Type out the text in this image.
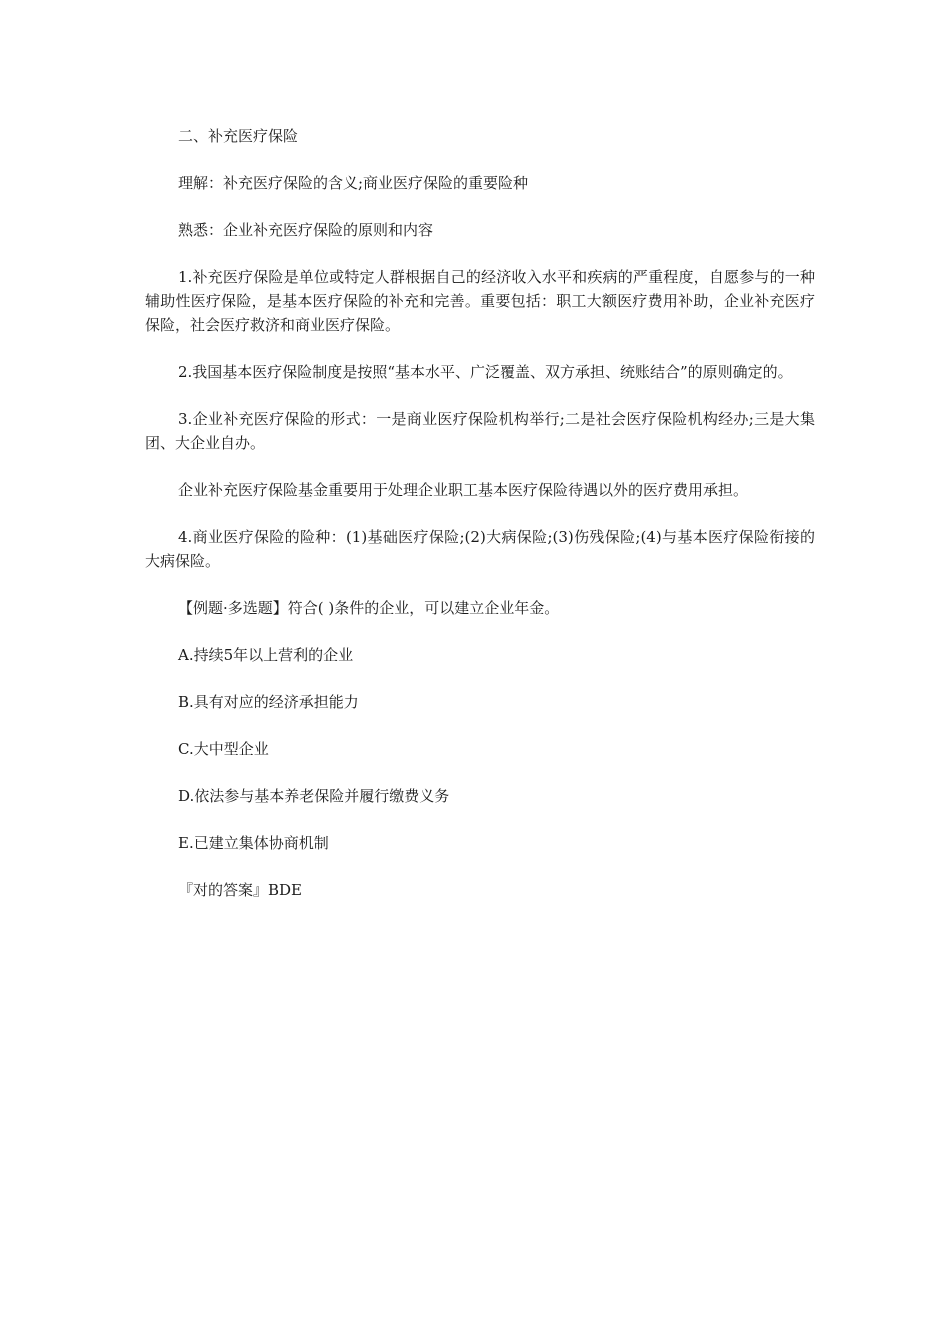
二、补充医疗保险

理解：补充医疗保险的含义;商业医疗保险的重要险种

熟悉：企业补充医疗保险的原则和内容

1.补充医疗保险是单位或特定人群根据自己的经济收入水平和疾病的严重程度，自愿参与的一种辅助性医疗保险，是基本医疗保险的补充和完善。重要包括：职工大额医疗费用补助，企业补充医疗保险，社会医疗救济和商业医疗保险。

2.我国基本医疗保险制度是按照“基本水平、广泛覆盖、双方承担、统账结合”的原则确定的。

3.企业补充医疗保险的形式：一是商业医疗保险机构举行;二是社会医疗保险机构经办;三是大集团、大企业自办。

企业补充医疗保险基金重要用于处理企业职工基本医疗保险待遇以外的医疗费用承担。

4.商业医疗保险的险种：(1)基础医疗保险;(2)大病保险;(3)伤残保险;(4)与基本医疗保险衔接的大病保险。

【例题·多选题】符合( )条件的企业，可以建立企业年金。

A.持续5年以上营利的企业

B.具有对应的经济承担能力

C.大中型企业

D.依法参与基本养老保险并履行缴费义务

E.已建立集体协商机制

『对的答案』BDE
